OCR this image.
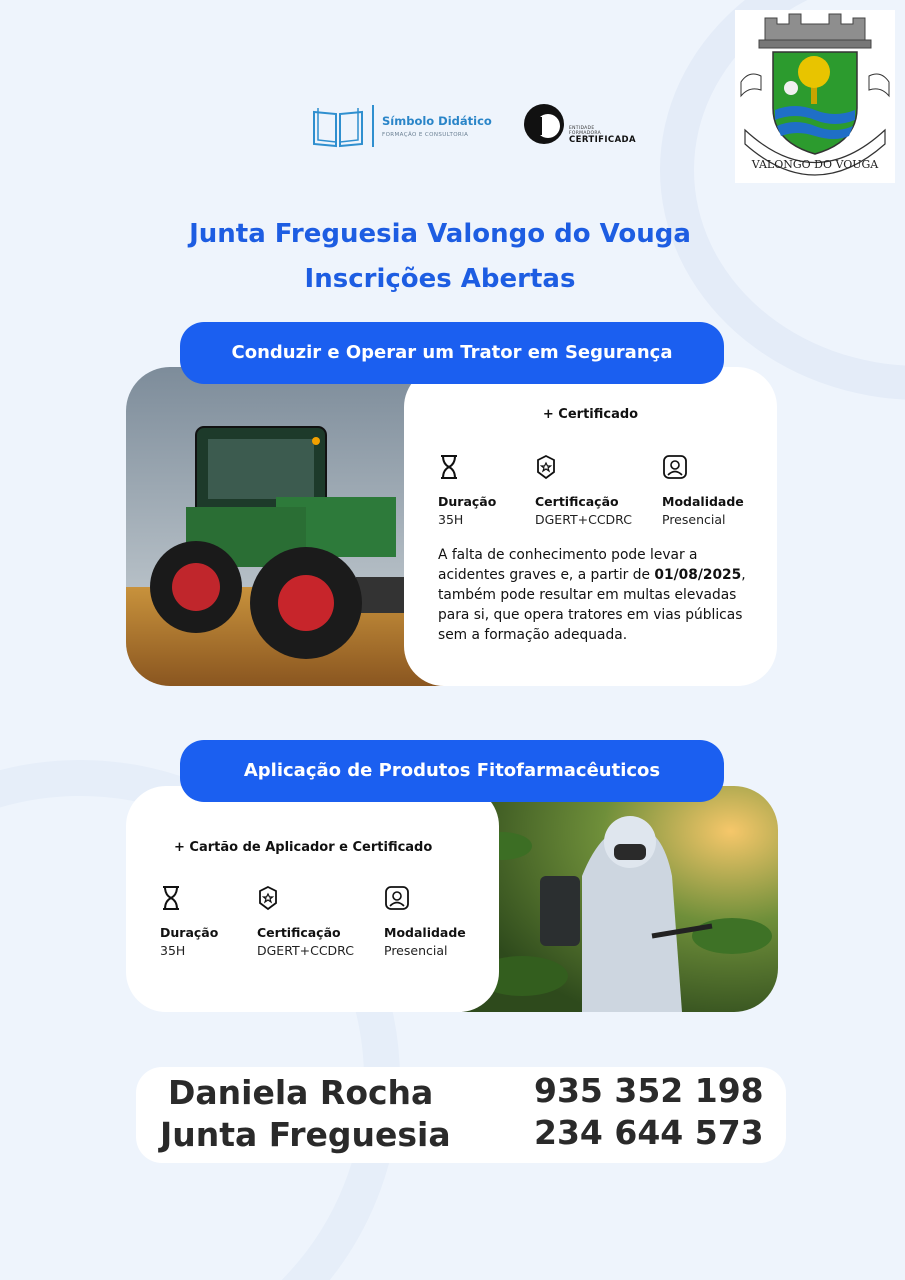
Símbolo Didático
FORMAÇÃO E CONSULTORIA
ENTIDADE
FORMADORA
CERTIFICADA
VALONGO DO VOUGA
Junta Freguesia Valongo do Vouga
Inscrições Abertas
+ Certificado
Duração
35H
Certificação
DGERT+CCDRC
Modalidade
Presencial
A falta de conhecimento pode levar a acidentes graves e, a partir de 01/08/2025, também pode resultar em multas elevadas para si, que opera tratores em vias públicas sem a formação adequada.
Conduzir e Operar um Trator em Segurança
+ Cartão de Aplicador e Certificado
Duração
35H
Certificação
DGERT+CCDRC
Modalidade
Presencial
Aplicação de Produtos Fitofarmacêuticos
Daniela Rocha
Junta Freguesia
935 352 198
234 644 573
